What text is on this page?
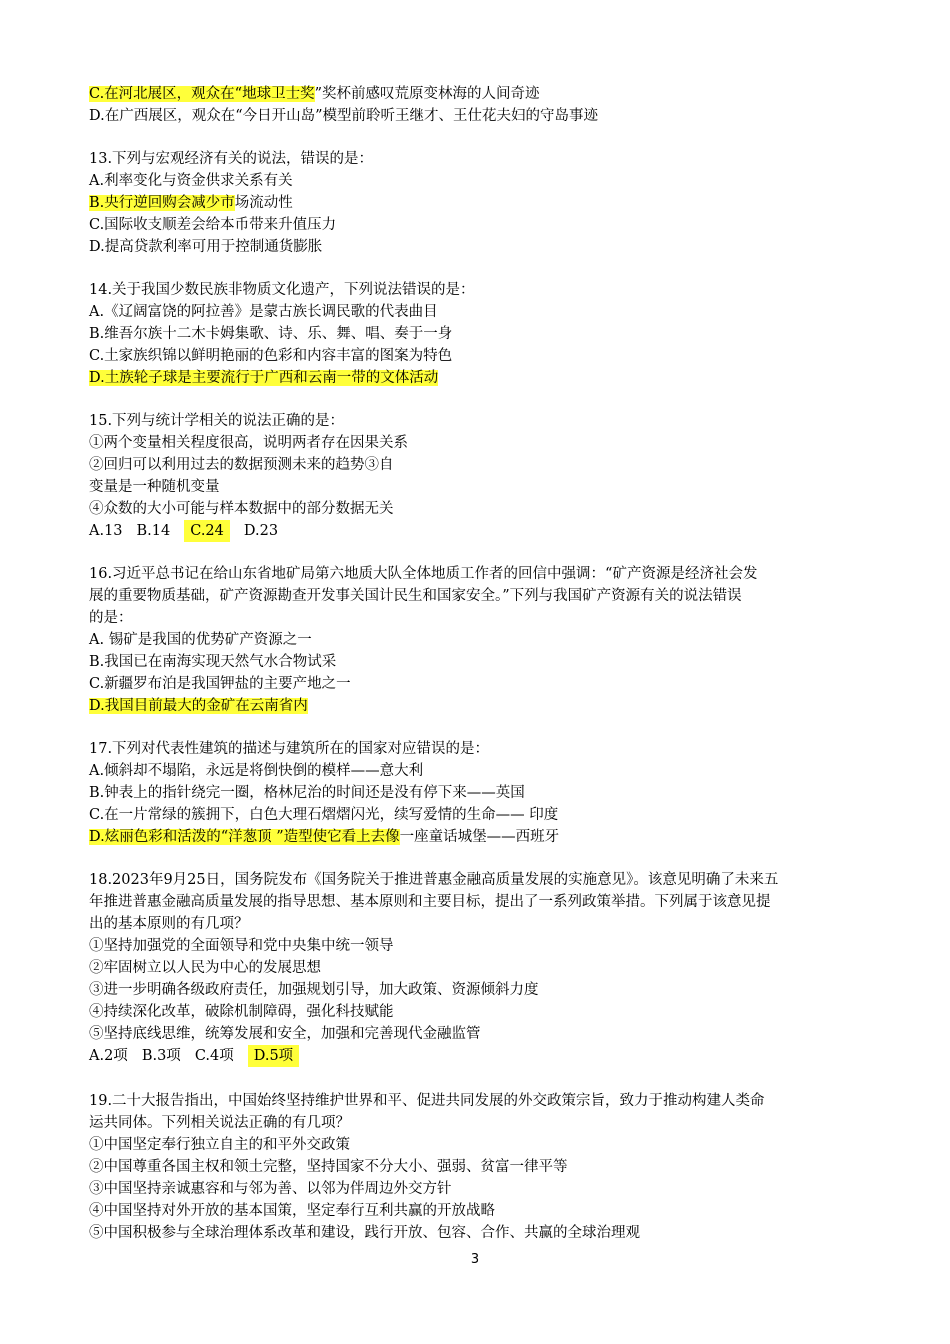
C.在河北展区，观众在“地球卫士奖”奖杯前感叹荒原变林海的人间奇迹
D.在广西展区，观众在“今日开山岛”模型前聆听王继才、王仕花夫妇的守岛事迹
13.下列与宏观经济有关的说法，错误的是：
A.利率变化与资金供求关系有关
B.央行逆回购会减少市场流动性
C.国际收支顺差会给本币带来升值压力
D.提高贷款利率可用于控制通货膨胀
14.关于我国少数民族非物质文化遗产，下列说法错误的是：
A.《辽阔富饶的阿拉善》是蒙古族长调民歌的代表曲目
B.维吾尔族十二木卡姆集歌、诗、乐、舞、唱、奏于一身
C.土家族织锦以鲜明艳丽的色彩和内容丰富的图案为特色
D.土族轮子球是主要流行于广西和云南一带的文体活动
15.下列与统计学相关的说法正确的是：
①两个变量相关程度很高，说明两者存在因果关系
②回归可以利用过去的数据预测未来的趋势③自
变量是一种随机变量
④众数的大小可能与样本数据中的部分数据无关
16.习近平总书记在给山东省地矿局第六地质大队全体地质工作者的回信中强调：“矿产资源是经济社会发
展的重要物质基础，矿产资源勘查开发事关国计民生和国家安全。”下列与我国矿产资源有关的说法错误
的是：
A. 锡矿是我国的优势矿产资源之一
B.我国已在南海实现天然气水合物试采
C.新疆罗布泊是我国钾盐的主要产地之一
D.我国目前最大的金矿在云南省内
17.下列对代表性建筑的描述与建筑所在的国家对应错误的是：
A.倾斜却不塌陷，永远是将倒快倒的模样——意大利
B.钟表上的指针绕完一圈，格林尼治的时间还是没有停下来——英国
C.在一片常绿的簇拥下，白色大理石熠熠闪光，续写爱情的生命—— 印度
D.炫丽色彩和活泼的“洋葱顶 ”造型使它看上去像一座童话城堡——西班牙
18.2023年9月25日，国务院发布《国务院关于推进普惠金融高质量发展的实施意见》。该意见明确了未来五
年推进普惠金融高质量发展的指导思想、基本原则和主要目标，提出了一系列政策举措。下列属于该意见提
出的基本原则的有几项？
①坚持加强党的全面领导和党中央集中统一领导
②牢固树立以人民为中心的发展思想
③进一步明确各级政府责任，加强规划引导，加大政策、资源倾斜力度
④持续深化改革，破除机制障碍，强化科技赋能
⑤坚持底线思维，统筹发展和安全，加强和完善现代金融监管
19.二十大报告指出，中国始终坚持维护世界和平、促进共同发展的外交政策宗旨，致力于推动构建人类命
运共同体。下列相关说法正确的有几项？
①中国坚定奉行独立自主的和平外交政策
②中国尊重各国主权和领土完整，坚持国家不分大小、强弱、贫富一律平等
③中国坚持亲诚惠容和与邻为善、以邻为伴周边外交方针
④中国坚持对外开放的基本国策，坚定奉行互利共赢的开放战略
⑤中国积极参与全球治理体系改革和建设，践行开放、包容、合作、共赢的全球治理观
A.13 B.14 C.24 D.23
A.2项 B.3项 C.4项 D.5项
3
